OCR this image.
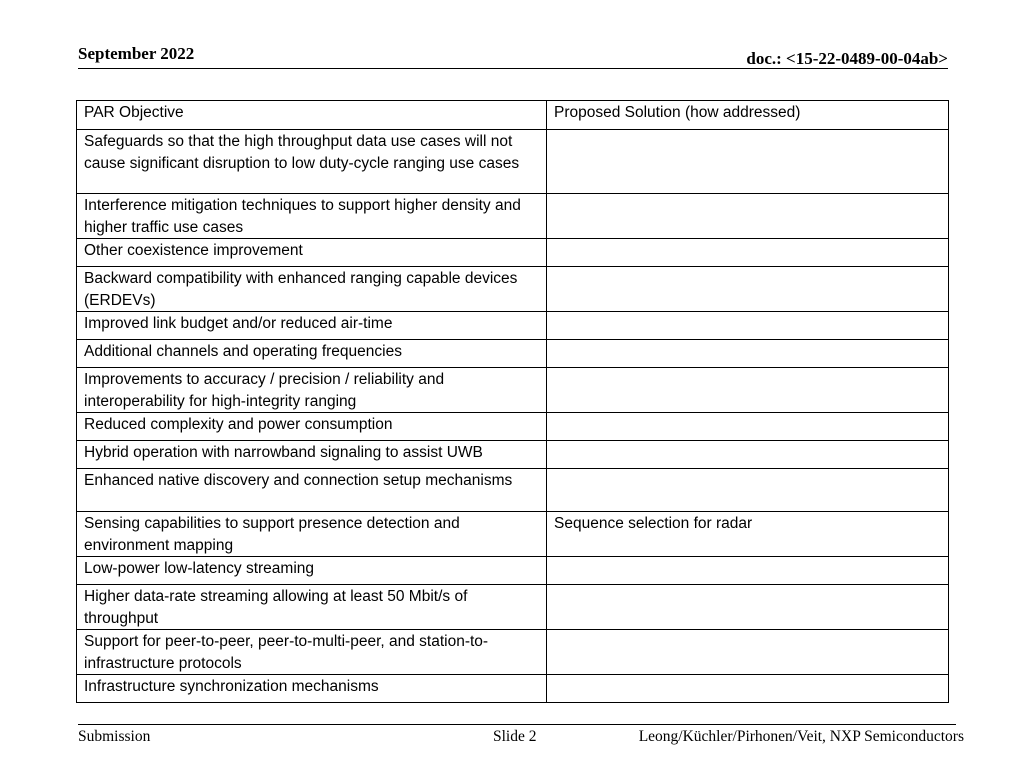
September 2022	doc.: <15-22-0489-00-04ab>
PAR Objective	Proposed Solution (how addressed)
Safeguards so that the high throughput data use cases will not cause significant disruption to low duty-cycle ranging use cases	
Interference mitigation techniques to support higher density and higher traffic use cases	
Other coexistence improvement	
Backward compatibility with enhanced ranging capable devices (ERDEVs)	
Improved link budget and/or reduced air-time	
Additional channels and operating frequencies	
Improvements to accuracy / precision / reliability and interoperability for high-integrity ranging	
Reduced complexity and power consumption	
Hybrid operation with narrowband signaling to assist UWB	
Enhanced native discovery and connection setup mechanisms	
Sensing capabilities to support presence detection and environment mapping	Sequence selection for radar
Low-power low-latency streaming	
Higher data-rate streaming allowing at least 50 Mbit/s of throughput	
Support for peer-to-peer, peer-to-multi-peer, and station-to-infrastructure protocols	
Infrastructure synchronization mechanisms	
Submission	Slide 2	Leong/Küchler/Pirhonen/Veit, NXP Semiconductors
